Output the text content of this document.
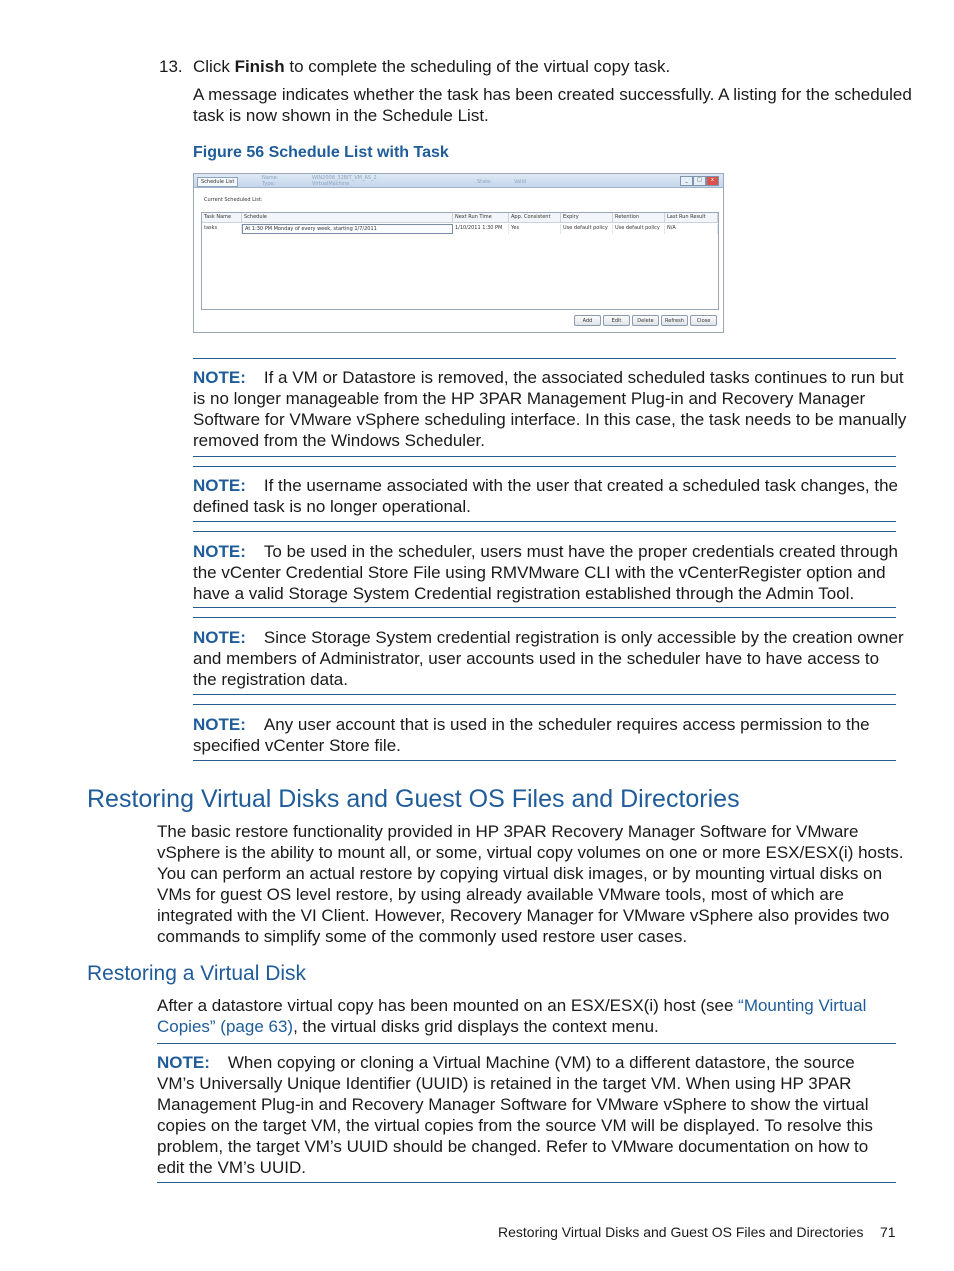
13. Click Finish to complete the scheduling of the virtual copy task.
A message indicates whether the task has been created successfully. A listing for the scheduled
task is now shown in the Schedule List.
Figure 56 Schedule List with Task
Schedule List
Name:
Type:
WIN2008_32BIT_VM_AS_2
VirtualMachine	State:	Valid	_	□	x
Current Scheduled List:
Task Name	Schedule	Next Run Time	App. Consistent	Expiry	Retention	Last Run Result
tasks	At 1:30 PM Monday of every week, starting 1/7/2011	1/10/2011 1:30 PM	Yes	Use default policy	Use default policy	N/A
Add	Edit	Delete	Refresh	Close
NOTE: If a VM or Datastore is removed, the associated scheduled tasks continues to run but
is no longer manageable from the HP 3PAR Management Plug-in and Recovery Manager
Software for VMware vSphere scheduling interface. In this case, the task needs to be manually
removed from the Windows Scheduler.
NOTE: If the username associated with the user that created a scheduled task changes, the
defined task is no longer operational.
NOTE: To be used in the scheduler, users must have the proper credentials created through
the vCenter Credential Store File using RMVMware CLI with the vCenterRegister option and
have a valid Storage System Credential registration established through the Admin Tool.
NOTE: Since Storage System credential registration is only accessible by the creation owner
and members of Administrator, user accounts used in the scheduler have to have access to
the registration data.
NOTE: Any user account that is used in the scheduler requires access permission to the
specified vCenter Store file.
Restoring Virtual Disks and Guest OS Files and Directories
The basic restore functionality provided in HP 3PAR Recovery Manager Software for VMware
vSphere is the ability to mount all, or some, virtual copy volumes on one or more ESX/ESX(i) hosts.
You can perform an actual restore by copying virtual disk images, or by mounting virtual disks on
VMs for guest OS level restore, by using already available VMware tools, most of which are
integrated with the VI Client. However, Recovery Manager for VMware vSphere also provides two
commands to simplify some of the commonly used restore user cases.
Restoring a Virtual Disk
After a datastore virtual copy has been mounted on an ESX/ESX(i) host (see “Mounting Virtual
Copies” (page 63), the virtual disks grid displays the context menu.
NOTE: When copying or cloning a Virtual Machine (VM) to a different datastore, the source
VM’s Universally Unique Identifier (UUID) is retained in the target VM. When using HP 3PAR
Management Plug-in and Recovery Manager Software for VMware vSphere to show the virtual
copies on the target VM, the virtual copies from the source VM will be displayed. To resolve this
problem, the target VM’s UUID should be changed. Refer to VMware documentation on how to
edit the VM’s UUID.
Restoring Virtual Disks and Guest OS Files and Directories 71
